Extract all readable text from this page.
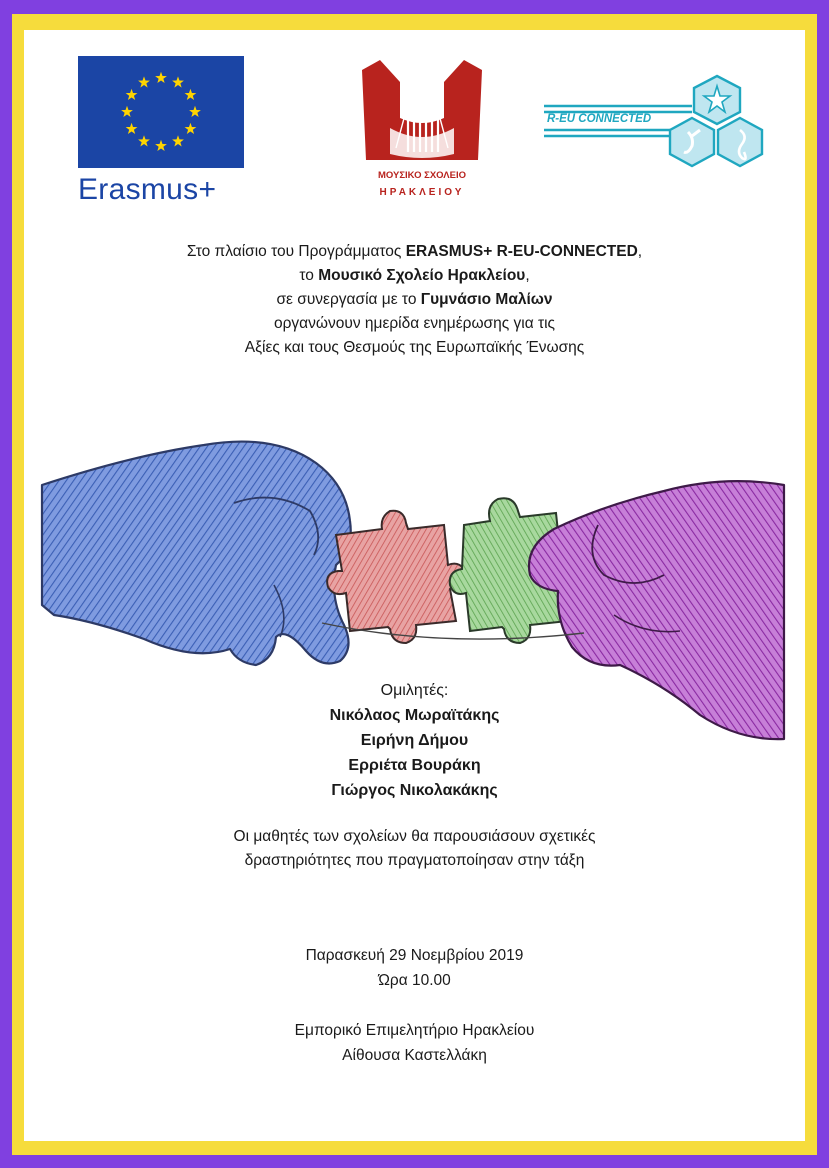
Erasmus+	ΜΟΥΣΙΚΟ ΣΧΟΛΕΙΟ
ΗΡΑΚΛΕΙΟΥ
R-EU CONNECTED
Στο πλαίσιο του Προγράμματος ERASMUS+ R-EU-CONNECTED,
το Μουσικό Σχολείο Ηρακλείου,
σε συνεργασία με το Γυμνάσιο Μαλίων
οργανώνουν ημερίδα ενημέρωσης για τις
Αξίες και τους Θεσμούς της Ευρωπαϊκής Ένωσης
Ομιλητές:
Νικόλαος Μωραϊτάκης
Ειρήνη Δήμου
Ερριέτα Βουράκη
Γιώργος Νικολακάκης
Οι μαθητές των σχολείων θα παρουσιάσουν σχετικές
δραστηριότητες που πραγματοποίησαν στην τάξη
Παρασκευή 29 Νοεμβρίου 2019
Ώρα 10.00
Εμπορικό Επιμελητήριο Ηρακλείου
Αίθουσα Καστελλάκη
